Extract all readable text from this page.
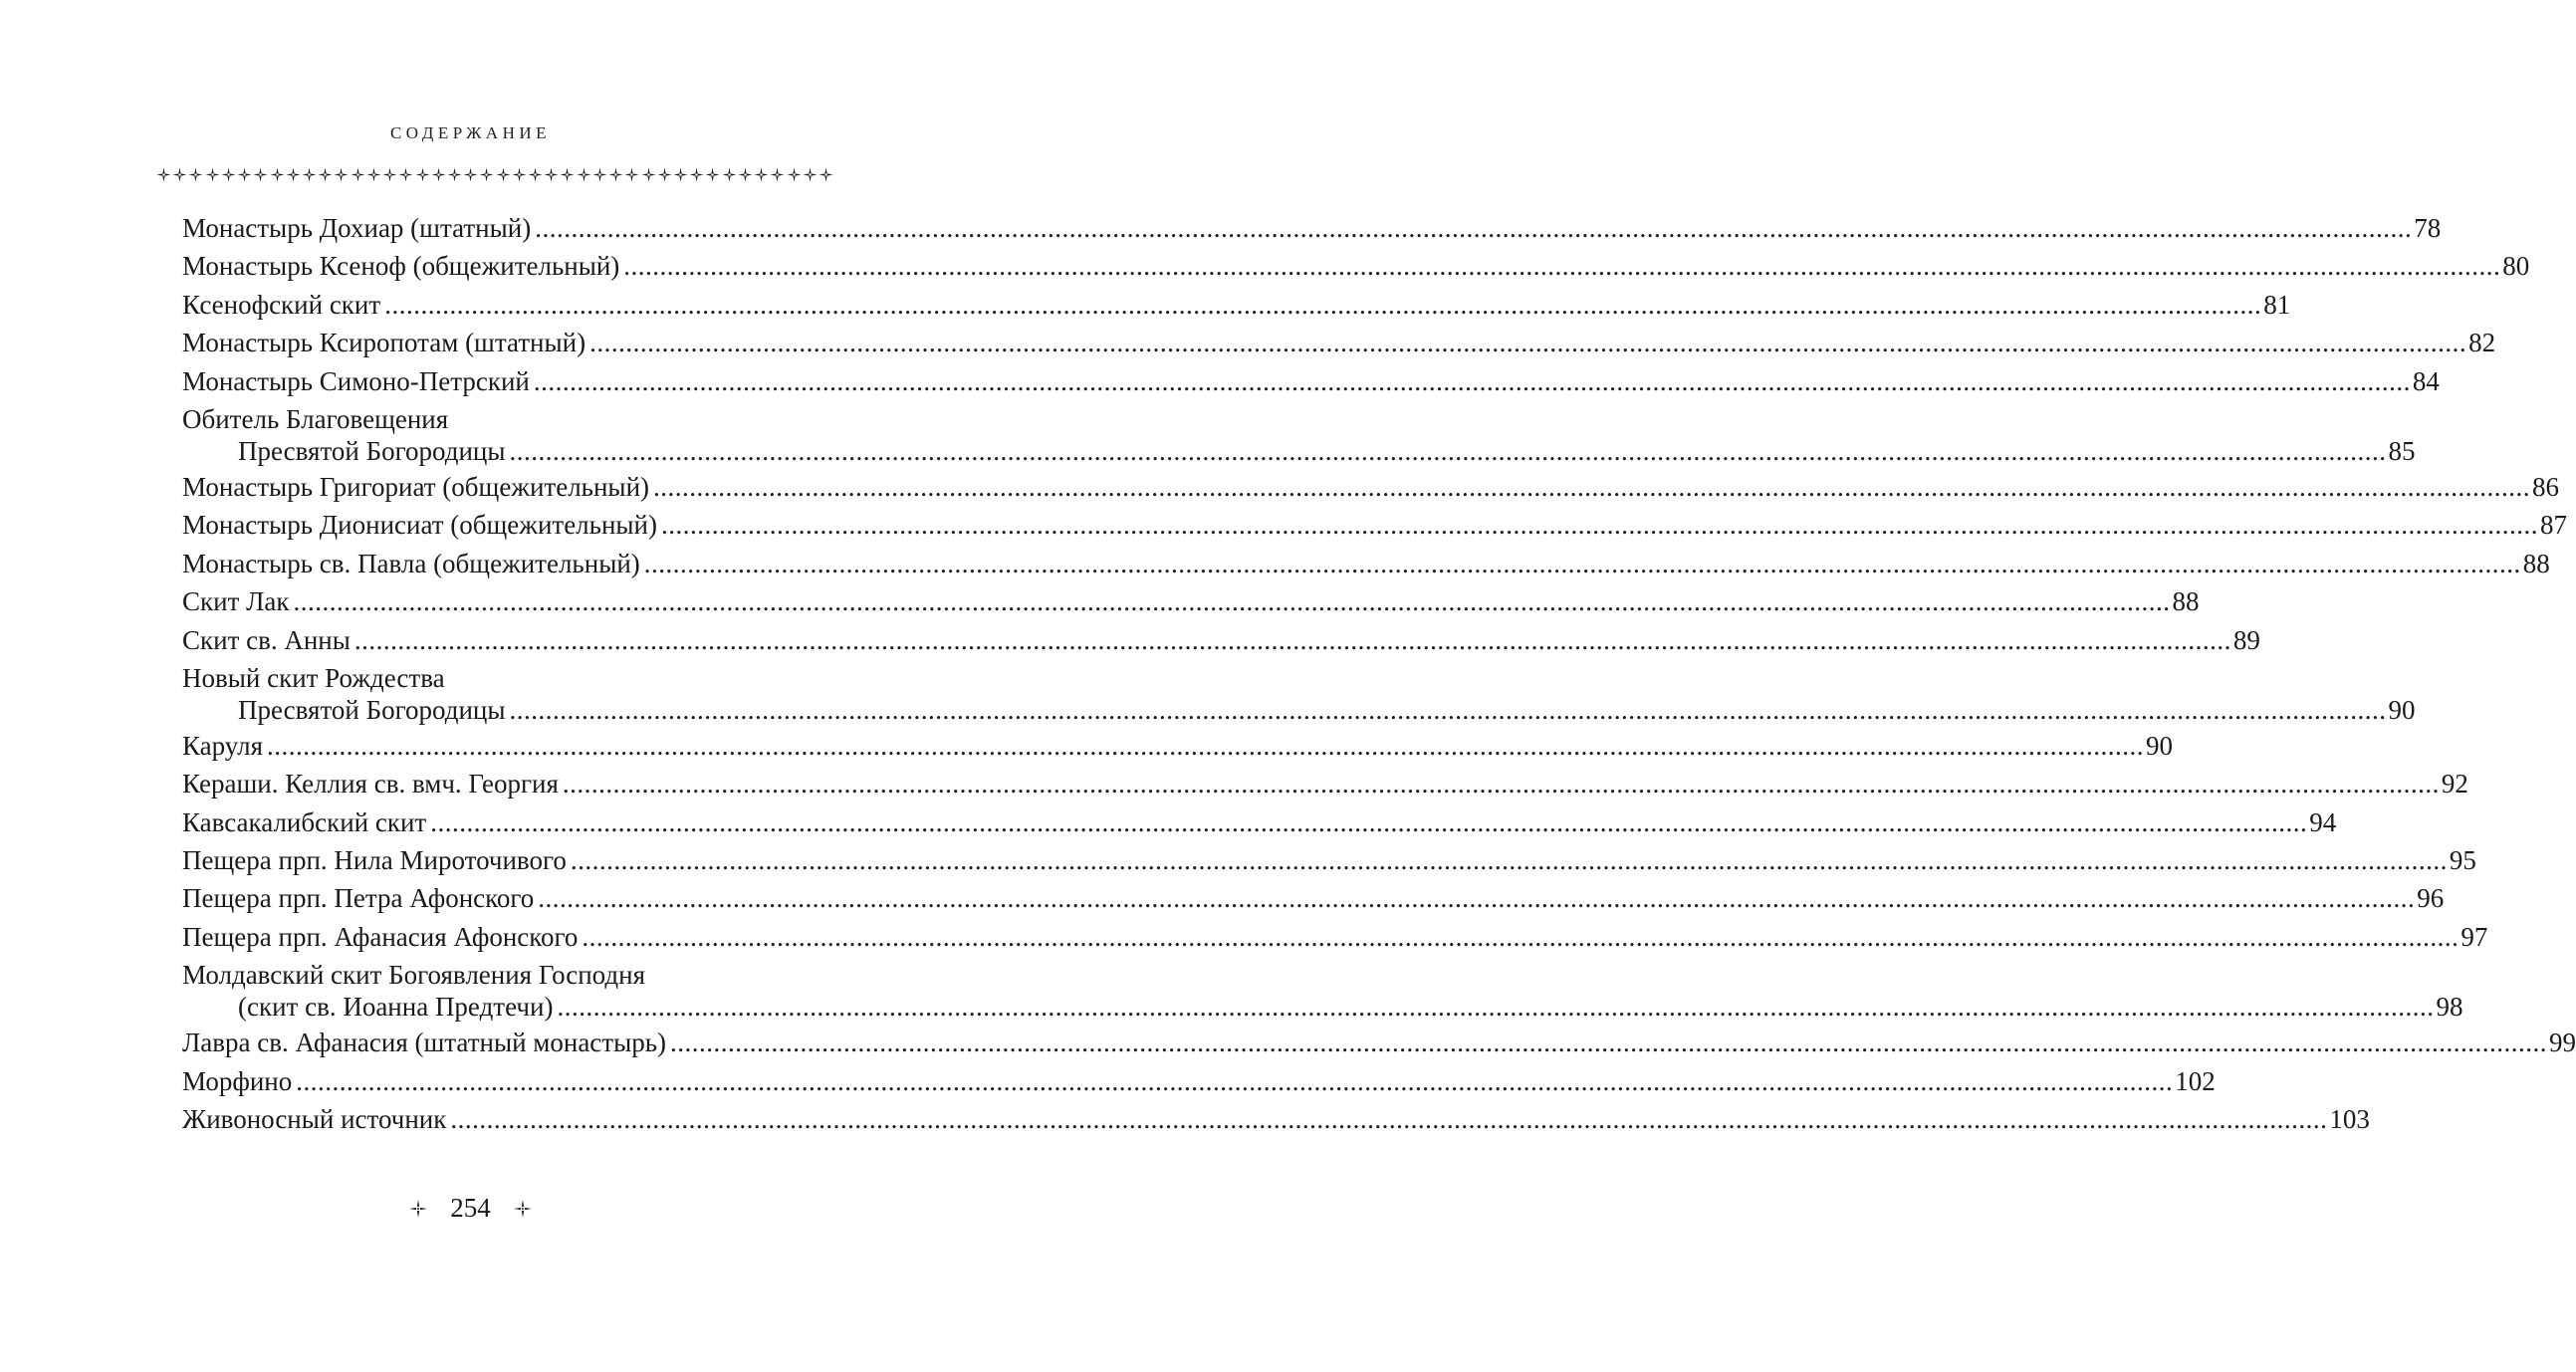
СОДЕРЖАНИЕ
Монастырь Дохиар (штатный) .................................................................................................................................................................................................................................................................... 78
Монастырь Ксеноф (общежительный) .................................................................................................................................................................................................................................................................... 80
Ксенофский скит .................................................................................................................................................................................................................................................................... 81
Монастырь Ксиропотам (штатный) .................................................................................................................................................................................................................................................................... 82
Монастырь Симоно-Петрский .................................................................................................................................................................................................................................................................... 84
Обитель Благовещения
Пресвятой Богородицы .................................................................................................................................................................................................................................................................... 85
Монастырь Григориат (общежительный) .................................................................................................................................................................................................................................................................... 86
Монастырь Дионисиат (общежительный) .................................................................................................................................................................................................................................................................... 87
Монастырь св. Павла (общежительный) .................................................................................................................................................................................................................................................................... 88
Скит Лак .................................................................................................................................................................................................................................................................... 88
Скит св. Анны .................................................................................................................................................................................................................................................................... 89
Новый скит Рождества
Пресвятой Богородицы .................................................................................................................................................................................................................................................................... 90
Каруля .................................................................................................................................................................................................................................................................... 90
Кераши. Келлия св. вмч. Георгия .................................................................................................................................................................................................................................................................... 92
Кавсакалибский скит .................................................................................................................................................................................................................................................................... 94
Пещера прп. Нила Мироточивого .................................................................................................................................................................................................................................................................... 95
Пещера прп. Петра Афонского .................................................................................................................................................................................................................................................................... 96
Пещера прп. Афанасия Афонского .................................................................................................................................................................................................................................................................... 97
Молдавский скит Богоявления Господня
(скит св. Иоанна Предтечи) .................................................................................................................................................................................................................................................................... 98
Лавра св. Афанасия (штатный монастырь) .................................................................................................................................................................................................................................................................... 99
Морфино .................................................................................................................................................................................................................................................................... 102
Живоносный источник .................................................................................................................................................................................................................................................................... 103
254
